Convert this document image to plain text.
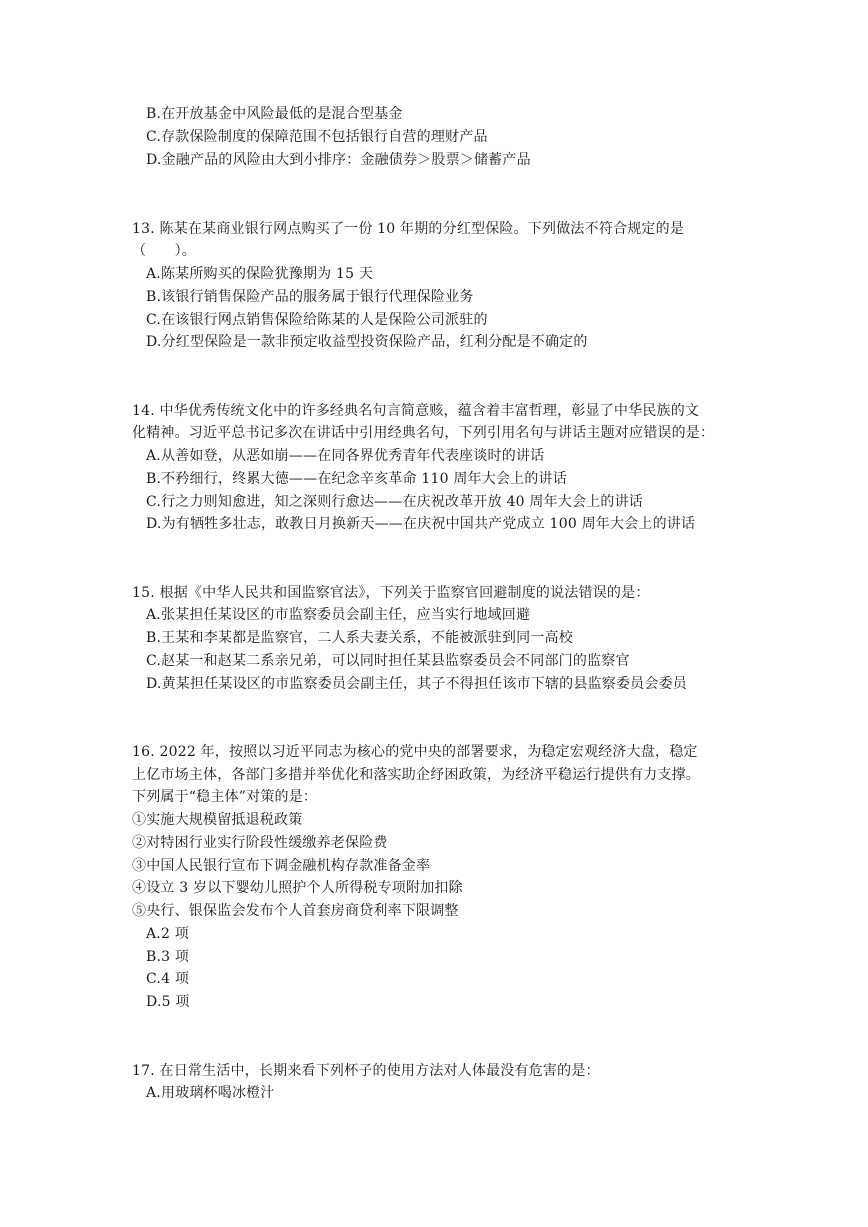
B.在开放基金中风险最低的是混合型基金
C.存款保险制度的保障范围不包括银行自营的理财产品
D.金融产品的风险由大到小排序：金融债券＞股票＞储蓄产品
13. 陈某在某商业银行网点购买了一份 10 年期的分红型保险。下列做法不符合规定的是
（　　）。
A.陈某所购买的保险犹豫期为 15 天
B.该银行销售保险产品的服务属于银行代理保险业务
C.在该银行网点销售保险给陈某的人是保险公司派驻的
D.分红型保险是一款非预定收益型投资保险产品，红利分配是不确定的
14. 中华优秀传统文化中的许多经典名句言简意赅，蕴含着丰富哲理，彰显了中华民族的文
化精神。习近平总书记多次在讲话中引用经典名句，下列引用名句与讲话主题对应错误的是：
A.从善如登，从恶如崩——在同各界优秀青年代表座谈时的讲话
B.不矜细行，终累大德——在纪念辛亥革命 110 周年大会上的讲话
C.行之力则知愈进，知之深则行愈达——在庆祝改革开放 40 周年大会上的讲话
D.为有牺牲多壮志，敢教日月换新天——在庆祝中国共产党成立 100 周年大会上的讲话
15. 根据《中华人民共和国监察官法》，下列关于监察官回避制度的说法错误的是：
A.张某担任某设区的市监察委员会副主任，应当实行地域回避
B.王某和李某都是监察官，二人系夫妻关系，不能被派驻到同一高校
C.赵某一和赵某二系亲兄弟，可以同时担任某县监察委员会不同部门的监察官
D.黄某担任某设区的市监察委员会副主任，其子不得担任该市下辖的县监察委员会委员
16. 2022 年，按照以习近平同志为核心的党中央的部署要求，为稳定宏观经济大盘，稳定
上亿市场主体，各部门多措并举优化和落实助企纾困政策，为经济平稳运行提供有力支撑。
下列属于“稳主体”对策的是：
①实施大规模留抵退税政策
②对特困行业实行阶段性缓缴养老保险费
③中国人民银行宣布下调金融机构存款准备金率
④设立 3 岁以下婴幼儿照护个人所得税专项附加扣除
⑤央行、银保监会发布个人首套房商贷利率下限调整
A.2 项
B.3 项
C.4 项
D.5 项
17. 在日常生活中，长期来看下列杯子的使用方法对人体最没有危害的是：
A.用玻璃杯喝冰橙汁
